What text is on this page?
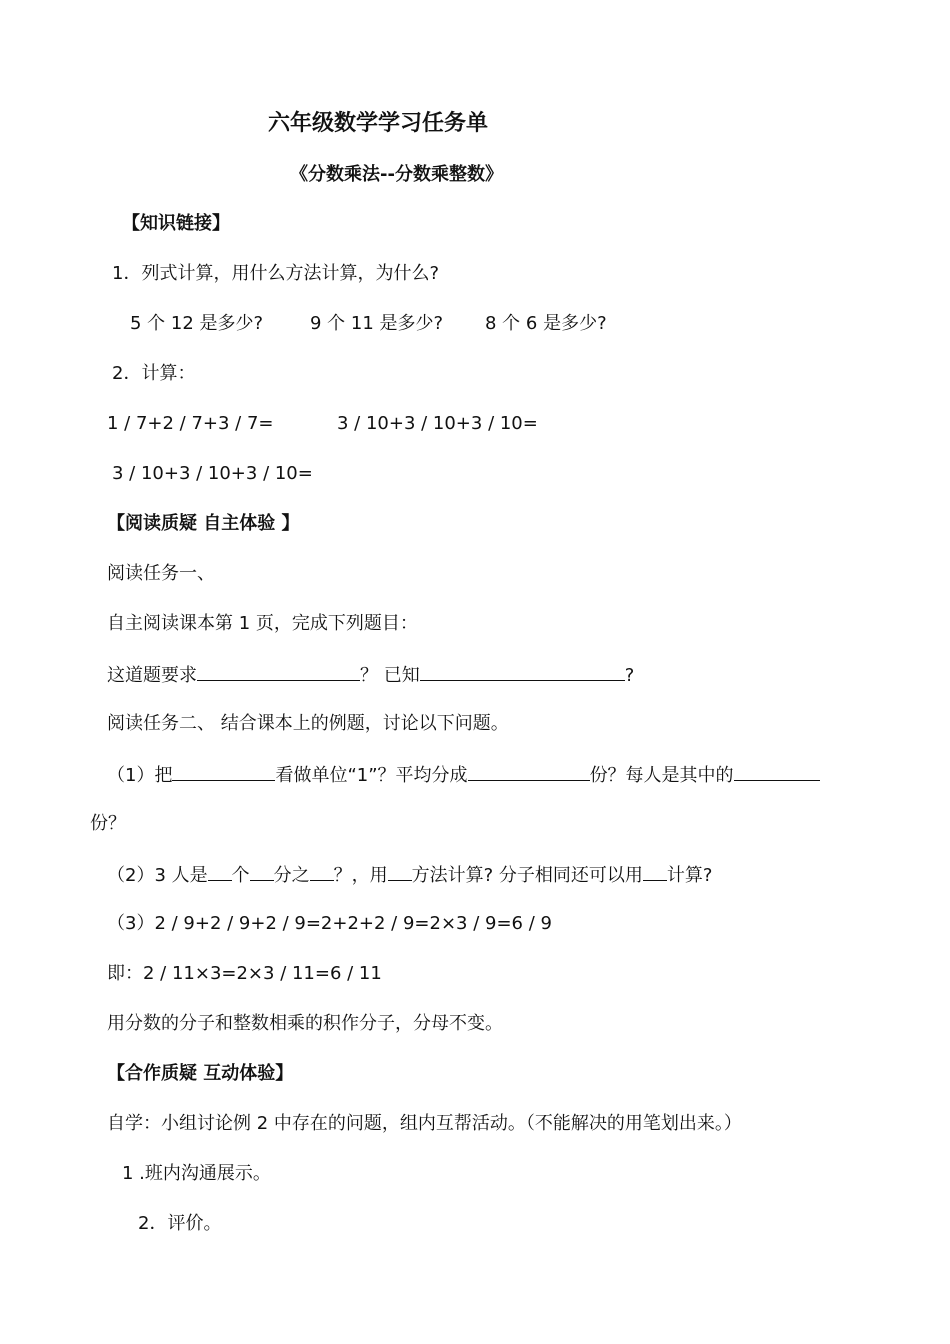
六年级数学学习任务单
《分数乘法--分数乘整数》
【知识链接】
1．列式计算，用什么方法计算，为什么?
5 个 12 是多少?	9 个 11 是多少? 8 个 6 是多少?
2．计算：
1 / 7+2 / 7+3 / 7=	3 / 10+3 / 10+3 / 10=
3 / 10+3 / 10+3 / 10=
【阅读质疑 自主体验 】
阅读任务一、
自主阅读课本第 1 页，完成下列题目：
这道题要求	？ 已知	?
阅读任务二、 结合课本上的例题，讨论以下问题。
（1）把	看做单位“1”？平均分成	份？每人是其中的
份？
（2）3 人是 个 分之 ？，用 方法计算? 分子相同还可以用 计算?
（3）2 / 9+2 / 9+2 / 9=2+2+2 / 9=2×3 / 9=6 / 9
即：2 / 11×3=2×3 / 11=6 / 11
用分数的分子和整数相乘的积作分子，分母不变。
【合作质疑 互动体验】
自学：小组讨论例 2 中存在的问题，组内互帮活动。（不能解决的用笔划出来。）
1 .班内沟通展示。
2．评价。
